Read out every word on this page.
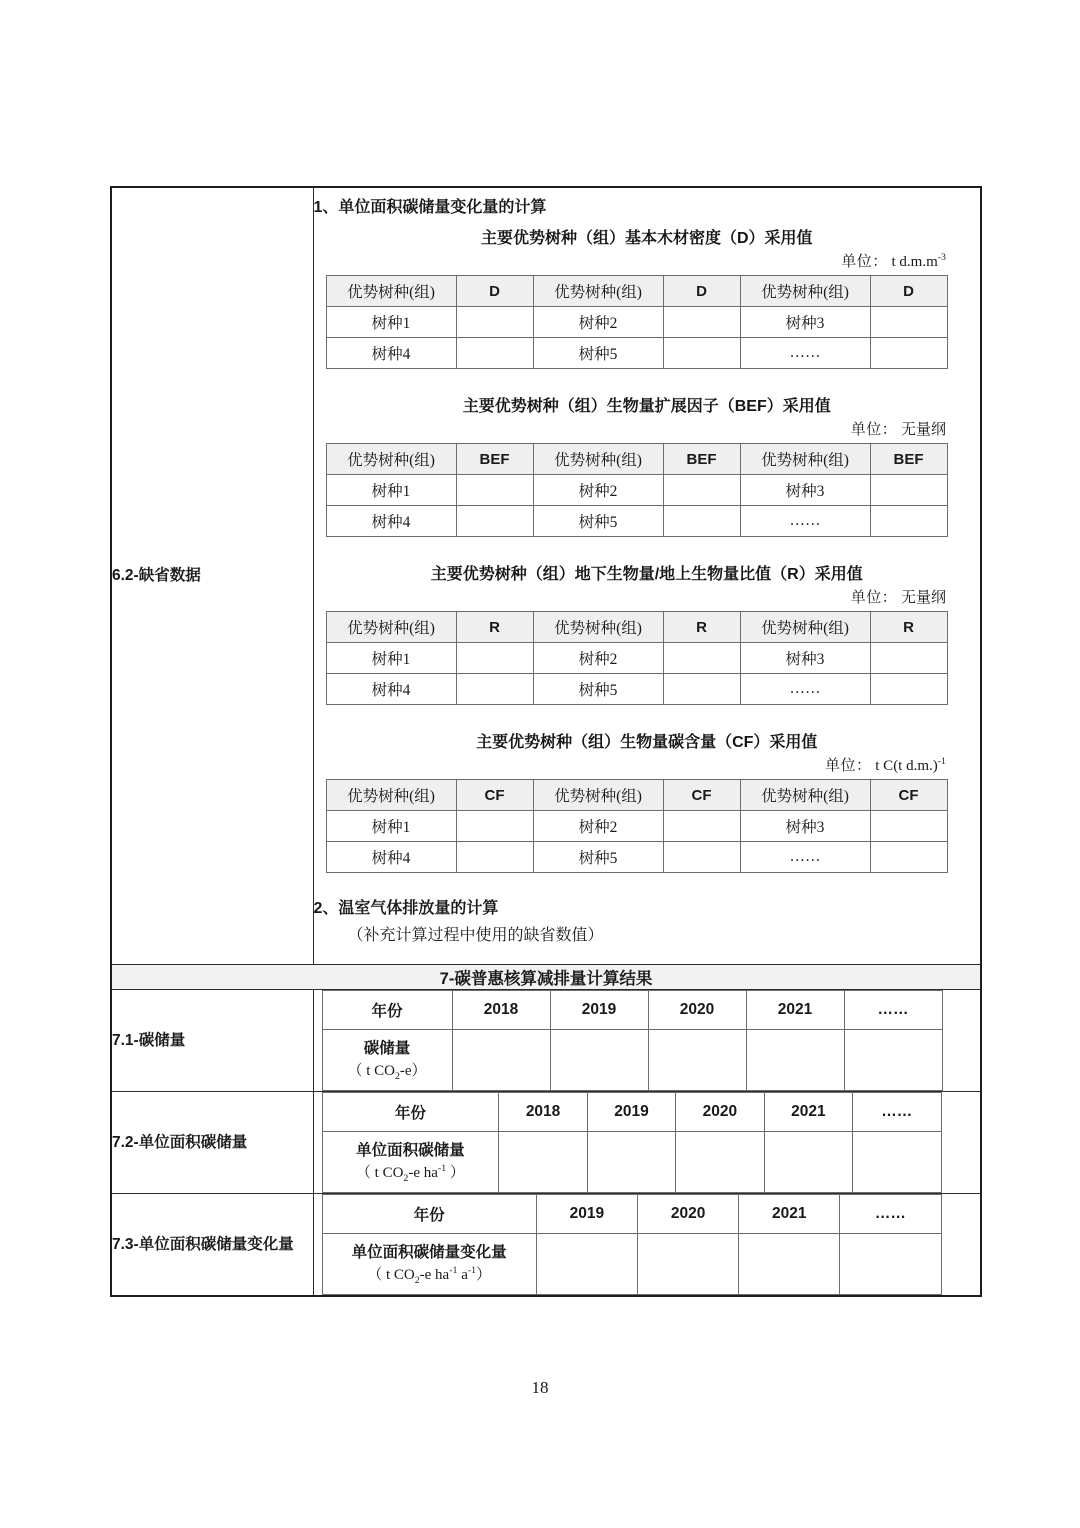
6.2-缺省数据	
1、单位面积碳储量变化量的计算
主要优势树种（组）基本木材密度（D）采用值
单位： t $d.m.m^{-3}$
优势树种(组)	D	优势树种(组)	D	优势树种(组)	D
树种1		树种2		树种3	
树种4		树种5		……	
主要优势树种（组）生物量扩展因子（BEF）采用值
单位： 无量纲
优势树种(组)	BEF	优势树种(组)	BEF	优势树种(组)	BEF
树种1		树种2		树种3	
树种4		树种5		……	
主要优势树种（组）地下生物量/地上生物量比值（R）采用值
单位： 无量纲
优势树种(组)	R	优势树种(组)	R	优势树种(组)	R
树种1		树种2		树种3	
树种4		树种5		……	
主要优势树种（组）生物量碳含量（CF）采用值
单位： t C(t d.m.)$^{-1}$
优势树种(组)	CF	优势树种(组)	CF	优势树种(组)	CF
树种1		树种2		树种3	
树种4		树种5		……	
2、温室气体排放量的计算
（补充计算过程中使用的缺省数值）

7-碳普惠核算减排量计算结果
7.1-碳储量	
年份	2018	2019	2020	2021	……
碳储量
（ t $CO_2-e$）

7.2-单位面积碳储量	
年份	2018	2019	2020	2021	……
单位面积碳储量
（ t $CO_2-e$ $ha^{-1}$ ）

7.3-单位面积碳储量变化量	
年份	2019	2020	2021	……
单位面积碳储量变化量
（ t $CO_2-e$ $ha^{-1}$ $a^{-1}$）

18
